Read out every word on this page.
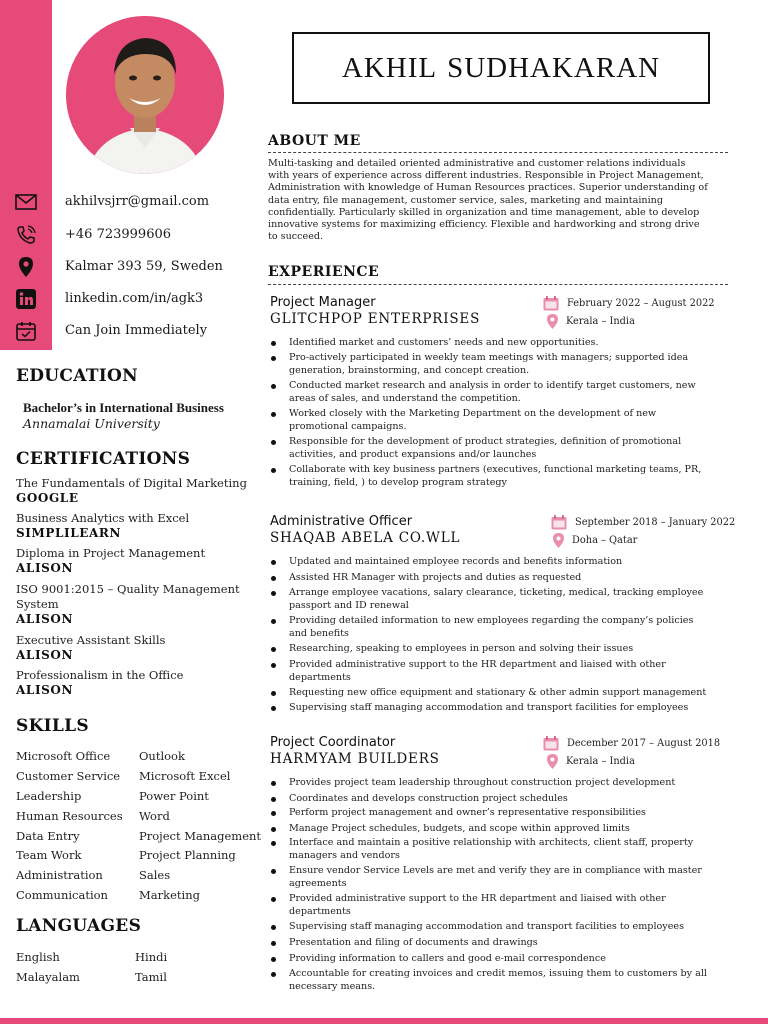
akhilvsjrr@gmail.com
+46 723999606
Kalmar 393 59, Sweden
linkedin.com/in/agk3
Can Join Immediately
EDUCATION
Bachelor’s in International Business
Annamalai University
CERTIFICATIONS
The Fundamentals of Digital Marketing
GOOGLE
Business Analytics with Excel
SIMPLILEARN
Diploma in Project Management
ALISON
ISO 9001:2015 – Quality Management System
ALISON
Executive Assistant Skills
ALISON
Professionalism in the Office
ALISON
SKILLS
Microsoft Office
Customer Service
Leadership
Human Resources
Data Entry
Team Work
Administration
Communication
Outlook
Microsoft Excel
Power Point
Word
Project Management
Project Planning
Sales
Marketing
LANGUAGES
English
Malayalam
Hindi
Tamil
AKHIL SUDHAKARAN
ABOUT ME
Multi-tasking and detailed oriented administrative and customer relations individuals
with years of experience across different industries. Responsible in Project Management,
Administration with knowledge of Human Resources practices. Superior understanding of
data entry, file management, customer service, sales, marketing and maintaining
confidentially. Particularly skilled in organization and time management, able to develop
innovative systems for maximizing efficiency. Flexible and hardworking and strong drive
to succeed.
EXPERIENCE
Project Manager
GLITCHPOP ENTERPRISES
February 2022 – August 2022
Kerala – India
Identified market and customers’ needs and new opportunities.
Pro-actively participated in weekly team meetings with managers; supported idea
generation, brainstorming, and concept creation.
Conducted market research and analysis in order to identify target customers, new
areas of sales, and understand the competition.
Worked closely with the Marketing Department on the development of new
promotional campaigns.
Responsible for the development of product strategies, definition of promotional
activities, and product expansions and/or launches
Collaborate with key business partners (executives, functional marketing teams, PR,
training, field, ) to develop program strategy
Administrative Officer
SHAQAB ABELA CO.WLL
September 2018 – January 2022
Doha – Qatar
Updated and maintained employee records and benefits information
Assisted HR Manager with projects and duties as requested
Arrange employee vacations, salary clearance, ticketing, medical, tracking employee
passport and ID renewal
Providing detailed information to new employees regarding the company’s policies
and benefits
Researching, speaking to employees in person and solving their issues
Provided administrative support to the HR department and liaised with other
departments
Requesting new office equipment and stationary & other admin support management
Supervising staff managing accommodation and transport facilities for employees
Project Coordinator
HARMYAM BUILDERS
December 2017 – August 2018
Kerala – India
Provides project team leadership throughout construction project development
Coordinates and develops construction project schedules
Perform project management and owner’s representative responsibilities
Manage Project schedules, budgets, and scope within approved limits
Interface and maintain a positive relationship with architects, client staff, property
managers and vendors
Ensure vendor Service Levels are met and verify they are in compliance with master
agreements
Provided administrative support to the HR department and liaised with other
departments
Supervising staff managing accommodation and transport facilities to employees
Presentation and filing of documents and drawings
Providing information to callers and good e-mail correspondence
Accountable for creating invoices and credit memos, issuing them to customers by all
necessary means.
